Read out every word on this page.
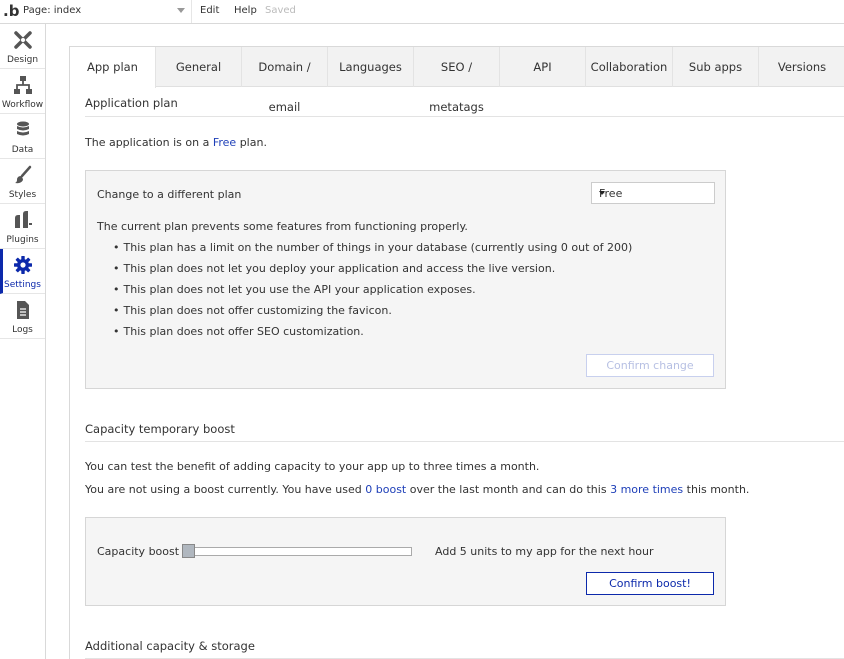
.b Page: index	Edit Help Saved
Design
Workflow
Data
Styles
Plugins
Settings
Logs
App plan	General	Domain / email
Languages	SEO / metatags
API	Collaboration	Sub apps	Versions
Application plan
The application is on a Free plan.
Change to a different plan	Free
The current plan prevents some features from functioning properly.
• This plan has a limit on the number of things in your database (currently using 0 out of 200)
• This plan does not let you deploy your application and access the live version.
• This plan does not let you use the API your application exposes.
• This plan does not offer customizing the favicon.
• This plan does not offer SEO customization.
Confirm change
Capacity temporary boost
You can test the benefit of adding capacity to your app up to three times a month.
You are not using a boost currently. You have used 0 boost over the last month and can do this 3 more times this month.
Capacity boost	Add 5 units to my app for the next hour
Confirm boost!
Additional capacity & storage
